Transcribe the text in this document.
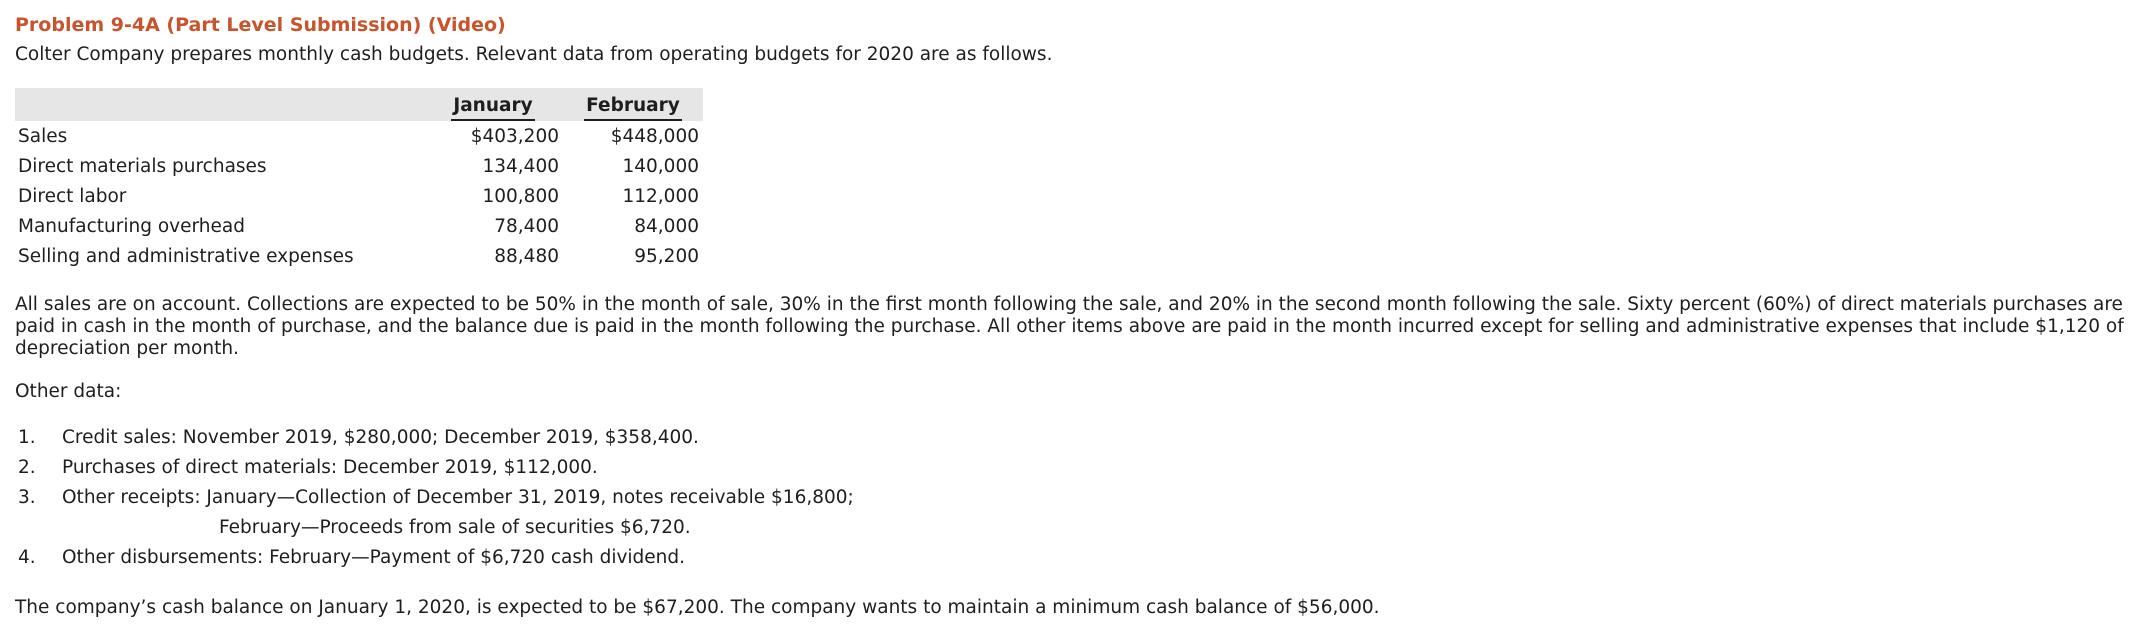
Problem 9-4A (Part Level Submission) (Video)
Colter Company prepares monthly cash budgets. Relevant data from operating budgets for 2020 are as follows.
	January	February
Sales	$403,200	$448,000
Direct materials purchases	134,400	140,000
Direct labor	100,800	112,000
Manufacturing overhead	78,400	84,000
Selling and administrative expenses	88,480	95,200
All sales are on account. Collections are expected to be 50% in the month of sale, 30% in the first month following the sale, and 20% in the second month following the sale. Sixty percent (60%) of direct materials purchases are paid in cash in the month of purchase, and the balance due is paid in the month following the purchase. All other items above are paid in the month incurred except for selling and administrative expenses that include $1,120 of depreciation per month.
Other data:
1. Credit sales: November 2019, $280,000; December 2019, $358,400.
2. Purchases of direct materials: December 2019, $112,000.
3. Other receipts: January—Collection of December 31, 2019, notes receivable $16,800;
February—Proceeds from sale of securities $6,720.
4. Other disbursements: February—Payment of $6,720 cash dividend.
The company’s cash balance on January 1, 2020, is expected to be $67,200. The company wants to maintain a minimum cash balance of $56,000.
